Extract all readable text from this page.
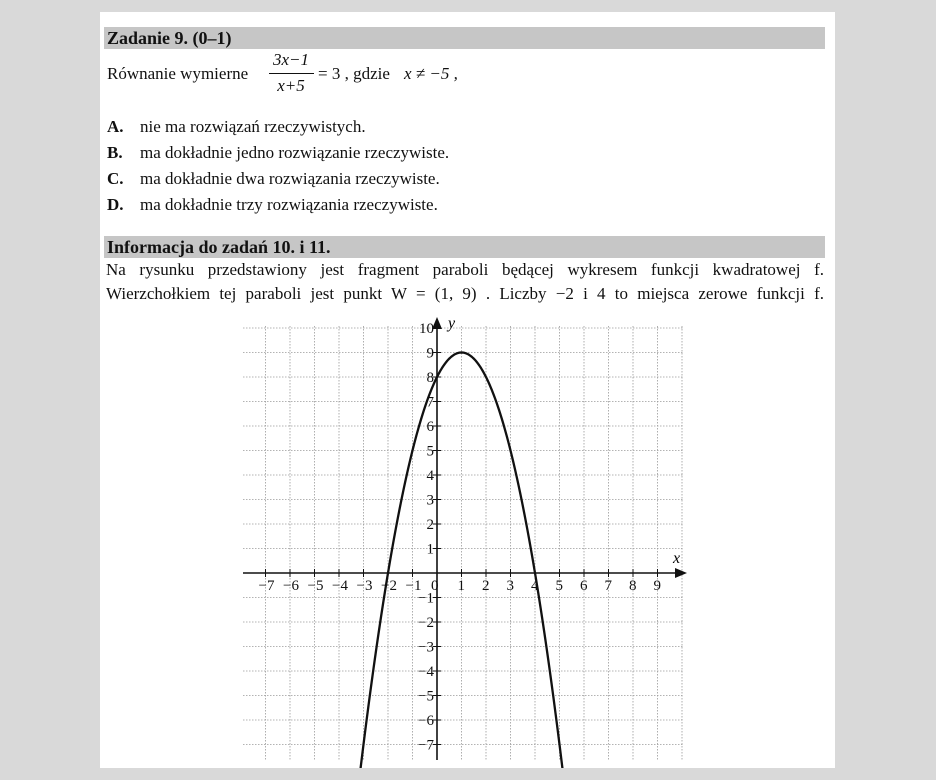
Zadanie 9. (0–1)
Równanie wymierne
3x−1
x+5
= 3 , gdzie x ≠ −5 ,
A. nie ma rozwiązań rzeczywistych.
B. ma dokładnie jedno rozwiązanie rzeczywiste.
C. ma dokładnie dwa rozwiązania rzeczywiste.
D. ma dokładnie trzy rozwiązania rzeczywiste.
Informacja do zadań 10. i 11.
Na rysunku przedstawiony jest fragment paraboli będącej wykresem funkcji kwadratowej f.
Wierzchołkiem tej paraboli jest punkt W = (1, 9) . Liczby −2 i 4 to miejsca zerowe funkcji f.
−7 −6 −5 −4 −3 −2 −1 0 1 2 3 4 5 6 7 8 9
10
9
8
7
6
5
4
3
2
1
−1
−2
−3
−4
−5
−6
−7
x
y
